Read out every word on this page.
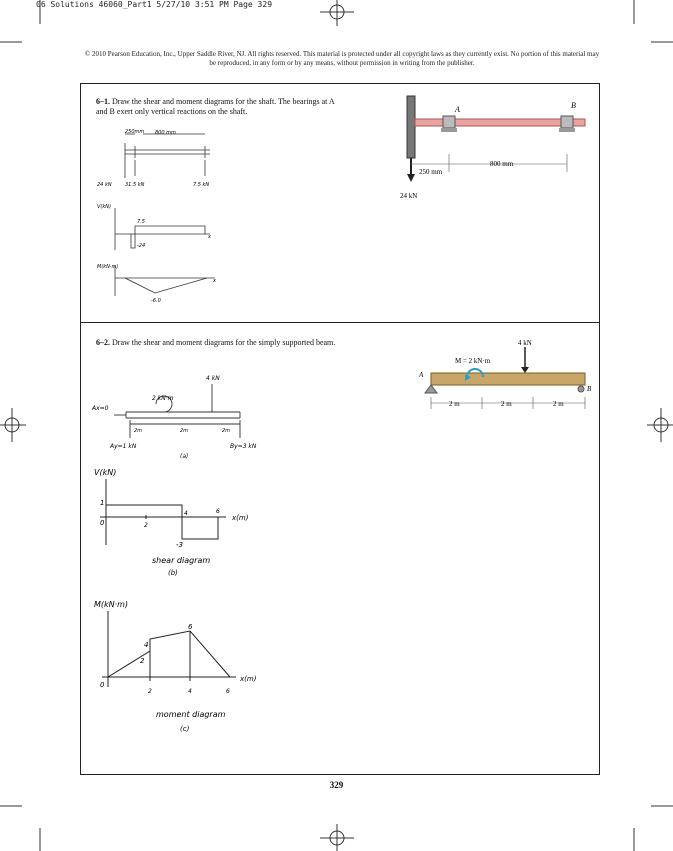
06 Solutions 46060_Part1 5/27/10 3:51 PM Page 329
© 2010 Pearson Education, Inc., Upper Saddle River, NJ. All rights reserved. This material is protected under all copyright laws as they currently exist. No portion of this material may be reproduced, in any form or by any means, without permission in writing from the publisher.
6–1. Draw the shear and moment diagrams for the shaft. The bearings at A and B exert only vertical reactions on the shaft.	A	B
250 mm
800 mm
24 kN
250mm 800 mm
24 kN	31.5 kN	7.5 kN
V(kN)
7.5
-24
x
M(kN·m)
-6.0
x
6–2. Draw the shear and moment diagrams for the simply supported beam.	4 kN
M = 2 kN·m
A
B
2 m	2 m	2 m
4 kN
2 kN·m
Ax=0
2m	2m	2m
Ay=1 kN	By=3 kN
(a)
V(kN)
1
0	2
4	6
-3
x(m)
shear diagram
(b)
M(kN·m)
0
2
4
6
2	4	6
x(m)
moment diagram
(c)
329
